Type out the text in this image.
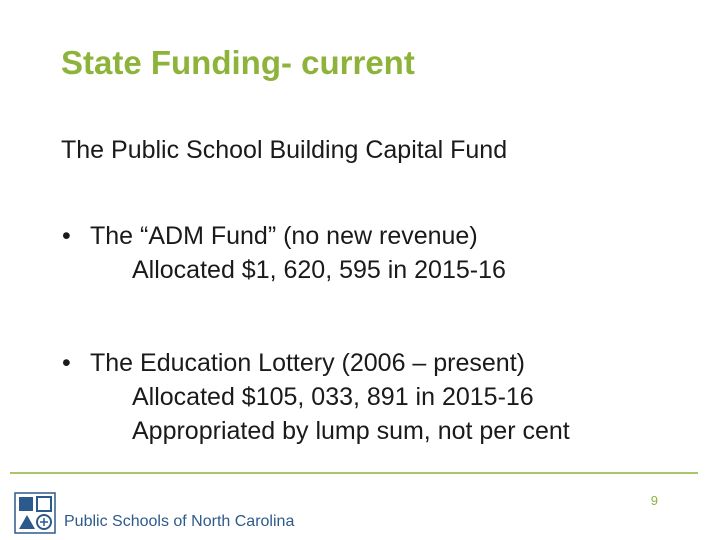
State Funding- current
The Public School Building Capital Fund
• The “ADM Fund” (no new revenue)
Allocated $1, 620, 595 in 2015-16
• The Education Lottery (2006 – present)
Allocated $105, 033, 891 in 2015-16
Appropriated by lump sum, not per cent
9
Public Schools of North Carolina
